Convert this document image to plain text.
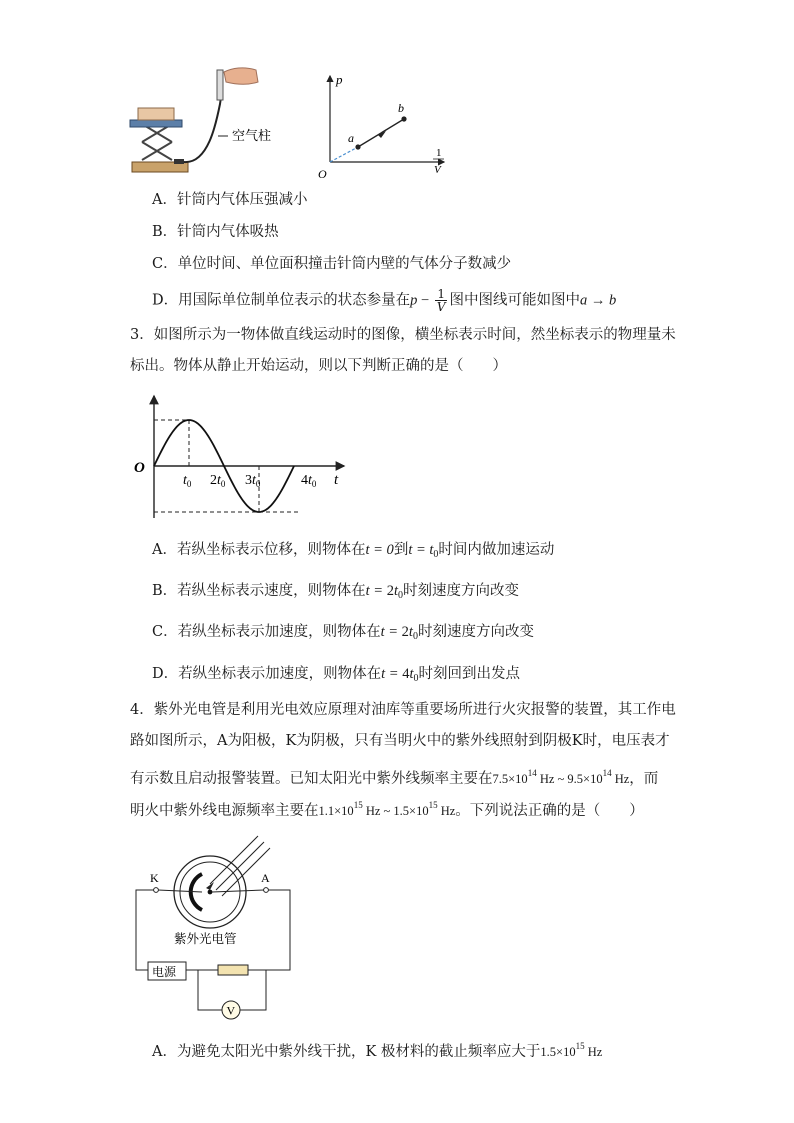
空气柱
p
1
V
O
a
b
A．针筒内气体压强减小
B．针筒内气体吸热
C．单位时间、单位面积撞击针筒内壁的气体分子数减少
D．用国际单位制单位表示的状态参量在$p - \frac{1}{V}$ 图中图线可能如图中a → b
3．如图所示为一物体做直线运动时的图像，横坐标表示时间，然坐标表示的物理量未
标出。物体从静止开始运动，则以下判断正确的是（　　）
O
$t_0$ $2t_0$ $3t_0$	$4t_0$ t
A．若纵坐标表示位移，则物体在t = 0到$t = t_0$时间内做加速运动
B．若纵坐标表示速度，则物体在$t = 2t_0$时刻速度方向改变
C．若纵坐标表示加速度，则物体在$t = 2t_0$时刻速度方向改变
D．若纵坐标表示加速度，则物体在$t = 4t_0$时刻回到出发点
4．紫外光电管是利用光电效应原理对油库等重要场所进行火灾报警的装置，其工作电
路如图所示，A为阳极，K为阴极，只有当明火中的紫外线照射到阴极K时，电压表才
有示数且启动报警装置。已知太阳光中紫外线频率主要在$7.5\times 10^{14}$ Hz ~ $9.5\times 10^{14}$ Hz，而
明火中紫外线电源频率主要在$1.1\times 10^{15}$ Hz ~ $1.5\times 10^{15}$ Hz。下列说法正确的是（　　）
K	A
紫外光电管
电源
V
A．为避免太阳光中紫外线干扰，K 极材料的截止频率应大于$1.5\times 10^{15}$ Hz
